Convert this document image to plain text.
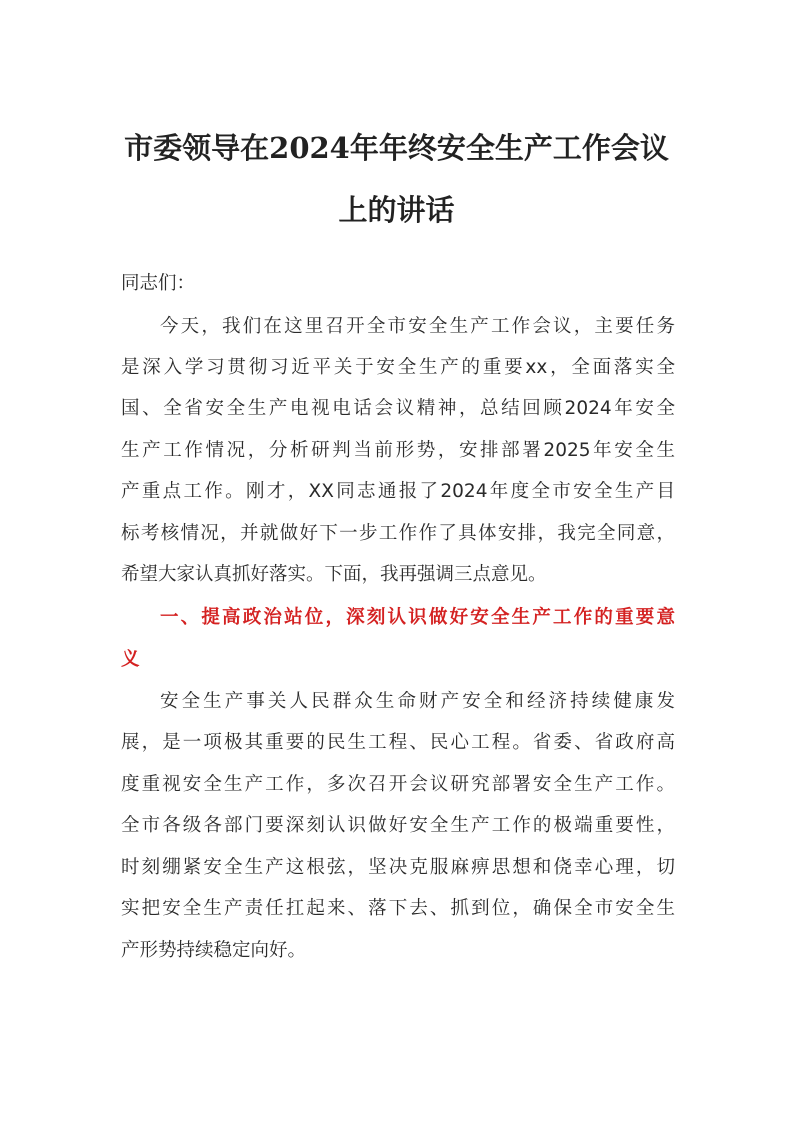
市委领导在2024年年终安全生产工作会议
上的讲话
同志们：
今天，我们在这里召开全市安全生产工作会议，主要任务
是深入学习贯彻习近平关于安全生产的重要xx，全面落实全
国、全省安全生产电视电话会议精神，总结回顾2024年安全
生产工作情况，分析研判当前形势，安排部署2025年安全生
产重点工作。刚才，XX同志通报了2024年度全市安全生产目
标考核情况，并就做好下一步工作作了具体安排，我完全同意，
希望大家认真抓好落实。下面，我再强调三点意见。
一、提高政治站位，深刻认识做好安全生产工作的重要意
义
安全生产事关人民群众生命财产安全和经济持续健康发
展，是一项极其重要的民生工程、民心工程。省委、省政府高
度重视安全生产工作，多次召开会议研究部署安全生产工作。
全市各级各部门要深刻认识做好安全生产工作的极端重要性，
时刻绷紧安全生产这根弦，坚决克服麻痹思想和侥幸心理，切
实把安全生产责任扛起来、落下去、抓到位，确保全市安全生
产形势持续稳定向好。
